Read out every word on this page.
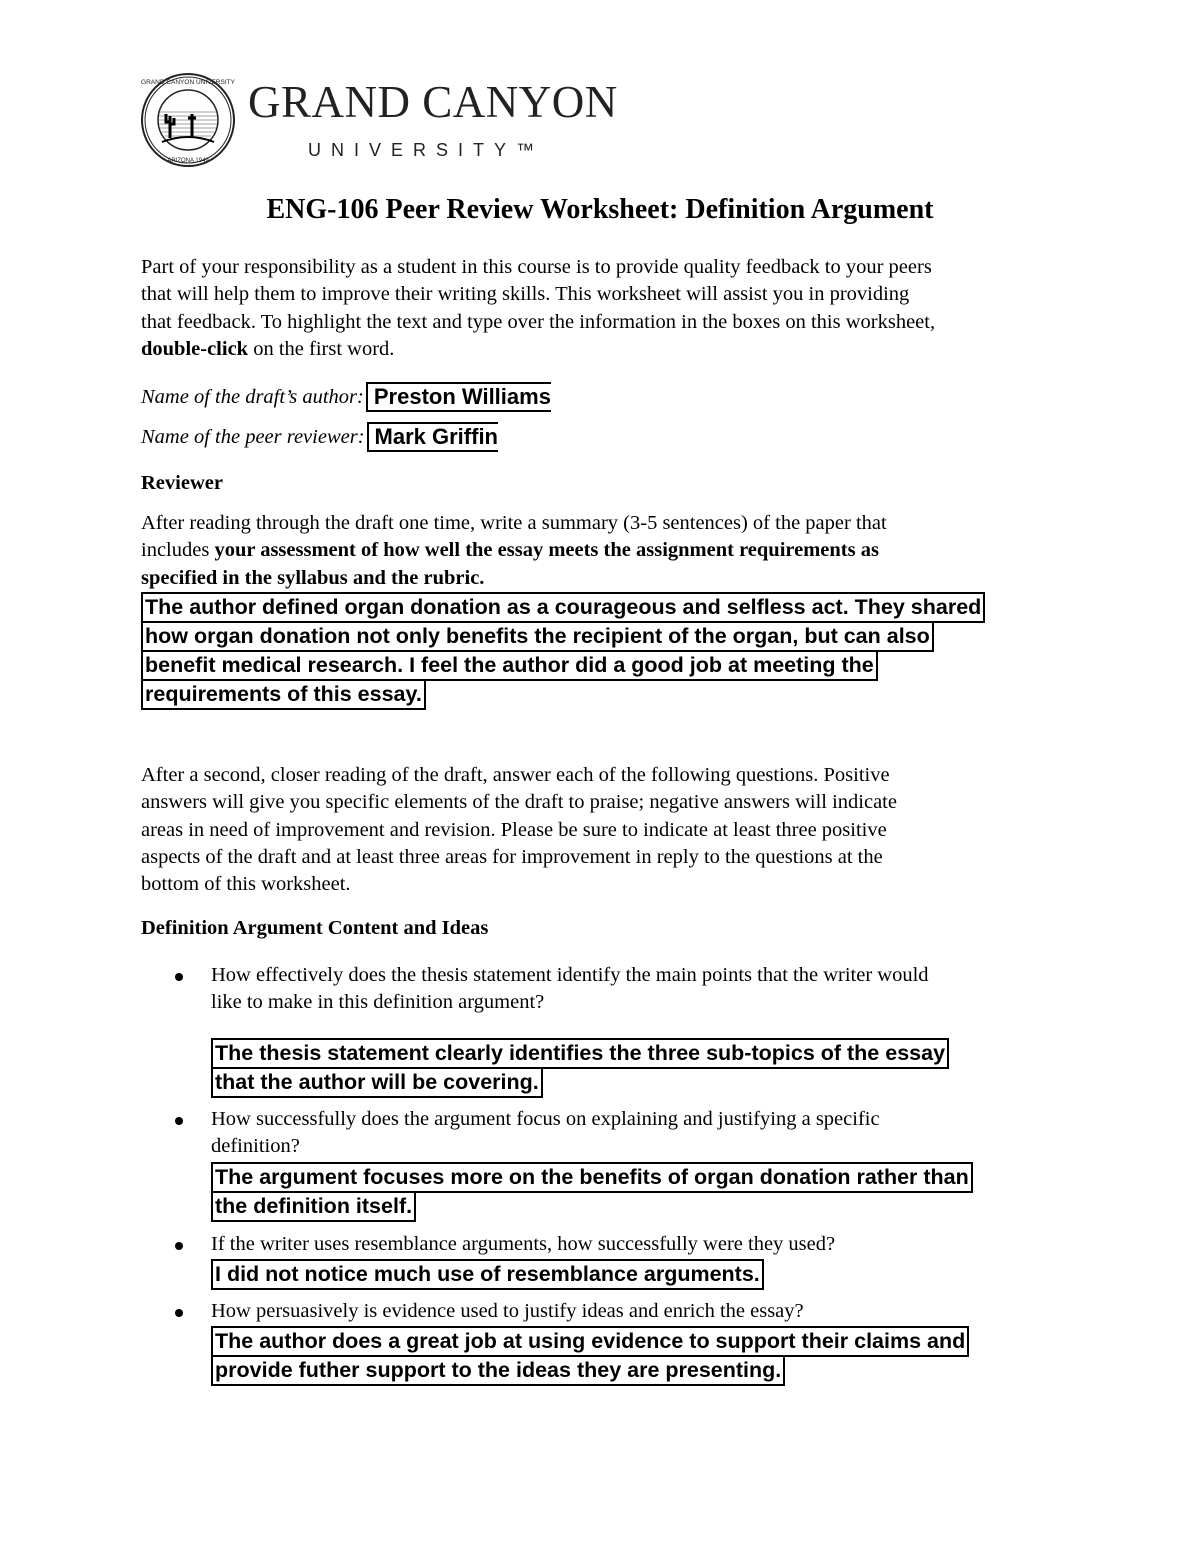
GRAND CANYON UNIVERSITY
ARIZONA 1949
GRAND CANYON
UNIVERSITY™
ENG-106 Peer Review Worksheet: Definition Argument
Part of your responsibility as a student in this course is to provide quality feedback to your peers
that will help them to improve their writing skills. This worksheet will assist you in providing
that feedback. To highlight the text and type over the information in the boxes on this worksheet,
double-click on the first word.
Name of the draft’s author: Preston Williams
Name of the peer reviewer: Mark Griffin
Reviewer
After reading through the draft one time, write a summary (3-5 sentences) of the paper that
includes your assessment of how well the essay meets the assignment requirements as
specified in the syllabus and the rubric.
The author defined organ donation as a courageous and selfless act. They shared
how organ donation not only benefits the recipient of the organ, but can also
benefit medical research. I feel the author did a good job at meeting the
requirements of this essay.
After a second, closer reading of the draft, answer each of the following questions. Positive
answers will give you specific elements of the draft to praise; negative answers will indicate
areas in need of improvement and revision. Please be sure to indicate at least three positive
aspects of the draft and at least three areas for improvement in reply to the questions at the
bottom of this worksheet.
Definition Argument Content and Ideas
How effectively does the thesis statement identify the main points that the writer would
like to make in this definition argument?
The thesis statement clearly identifies the three sub-topics of the essay
that the author will be covering.
How successfully does the argument focus on explaining and justifying a specific
definition?
The argument focuses more on the benefits of organ donation rather than
the definition itself.
If the writer uses resemblance arguments, how successfully were they used?
I did not notice much use of resemblance arguments.
How persuasively is evidence used to justify ideas and enrich the essay?
The author does a great job at using evidence to support their claims and
provide futher support to the ideas they are presenting.
